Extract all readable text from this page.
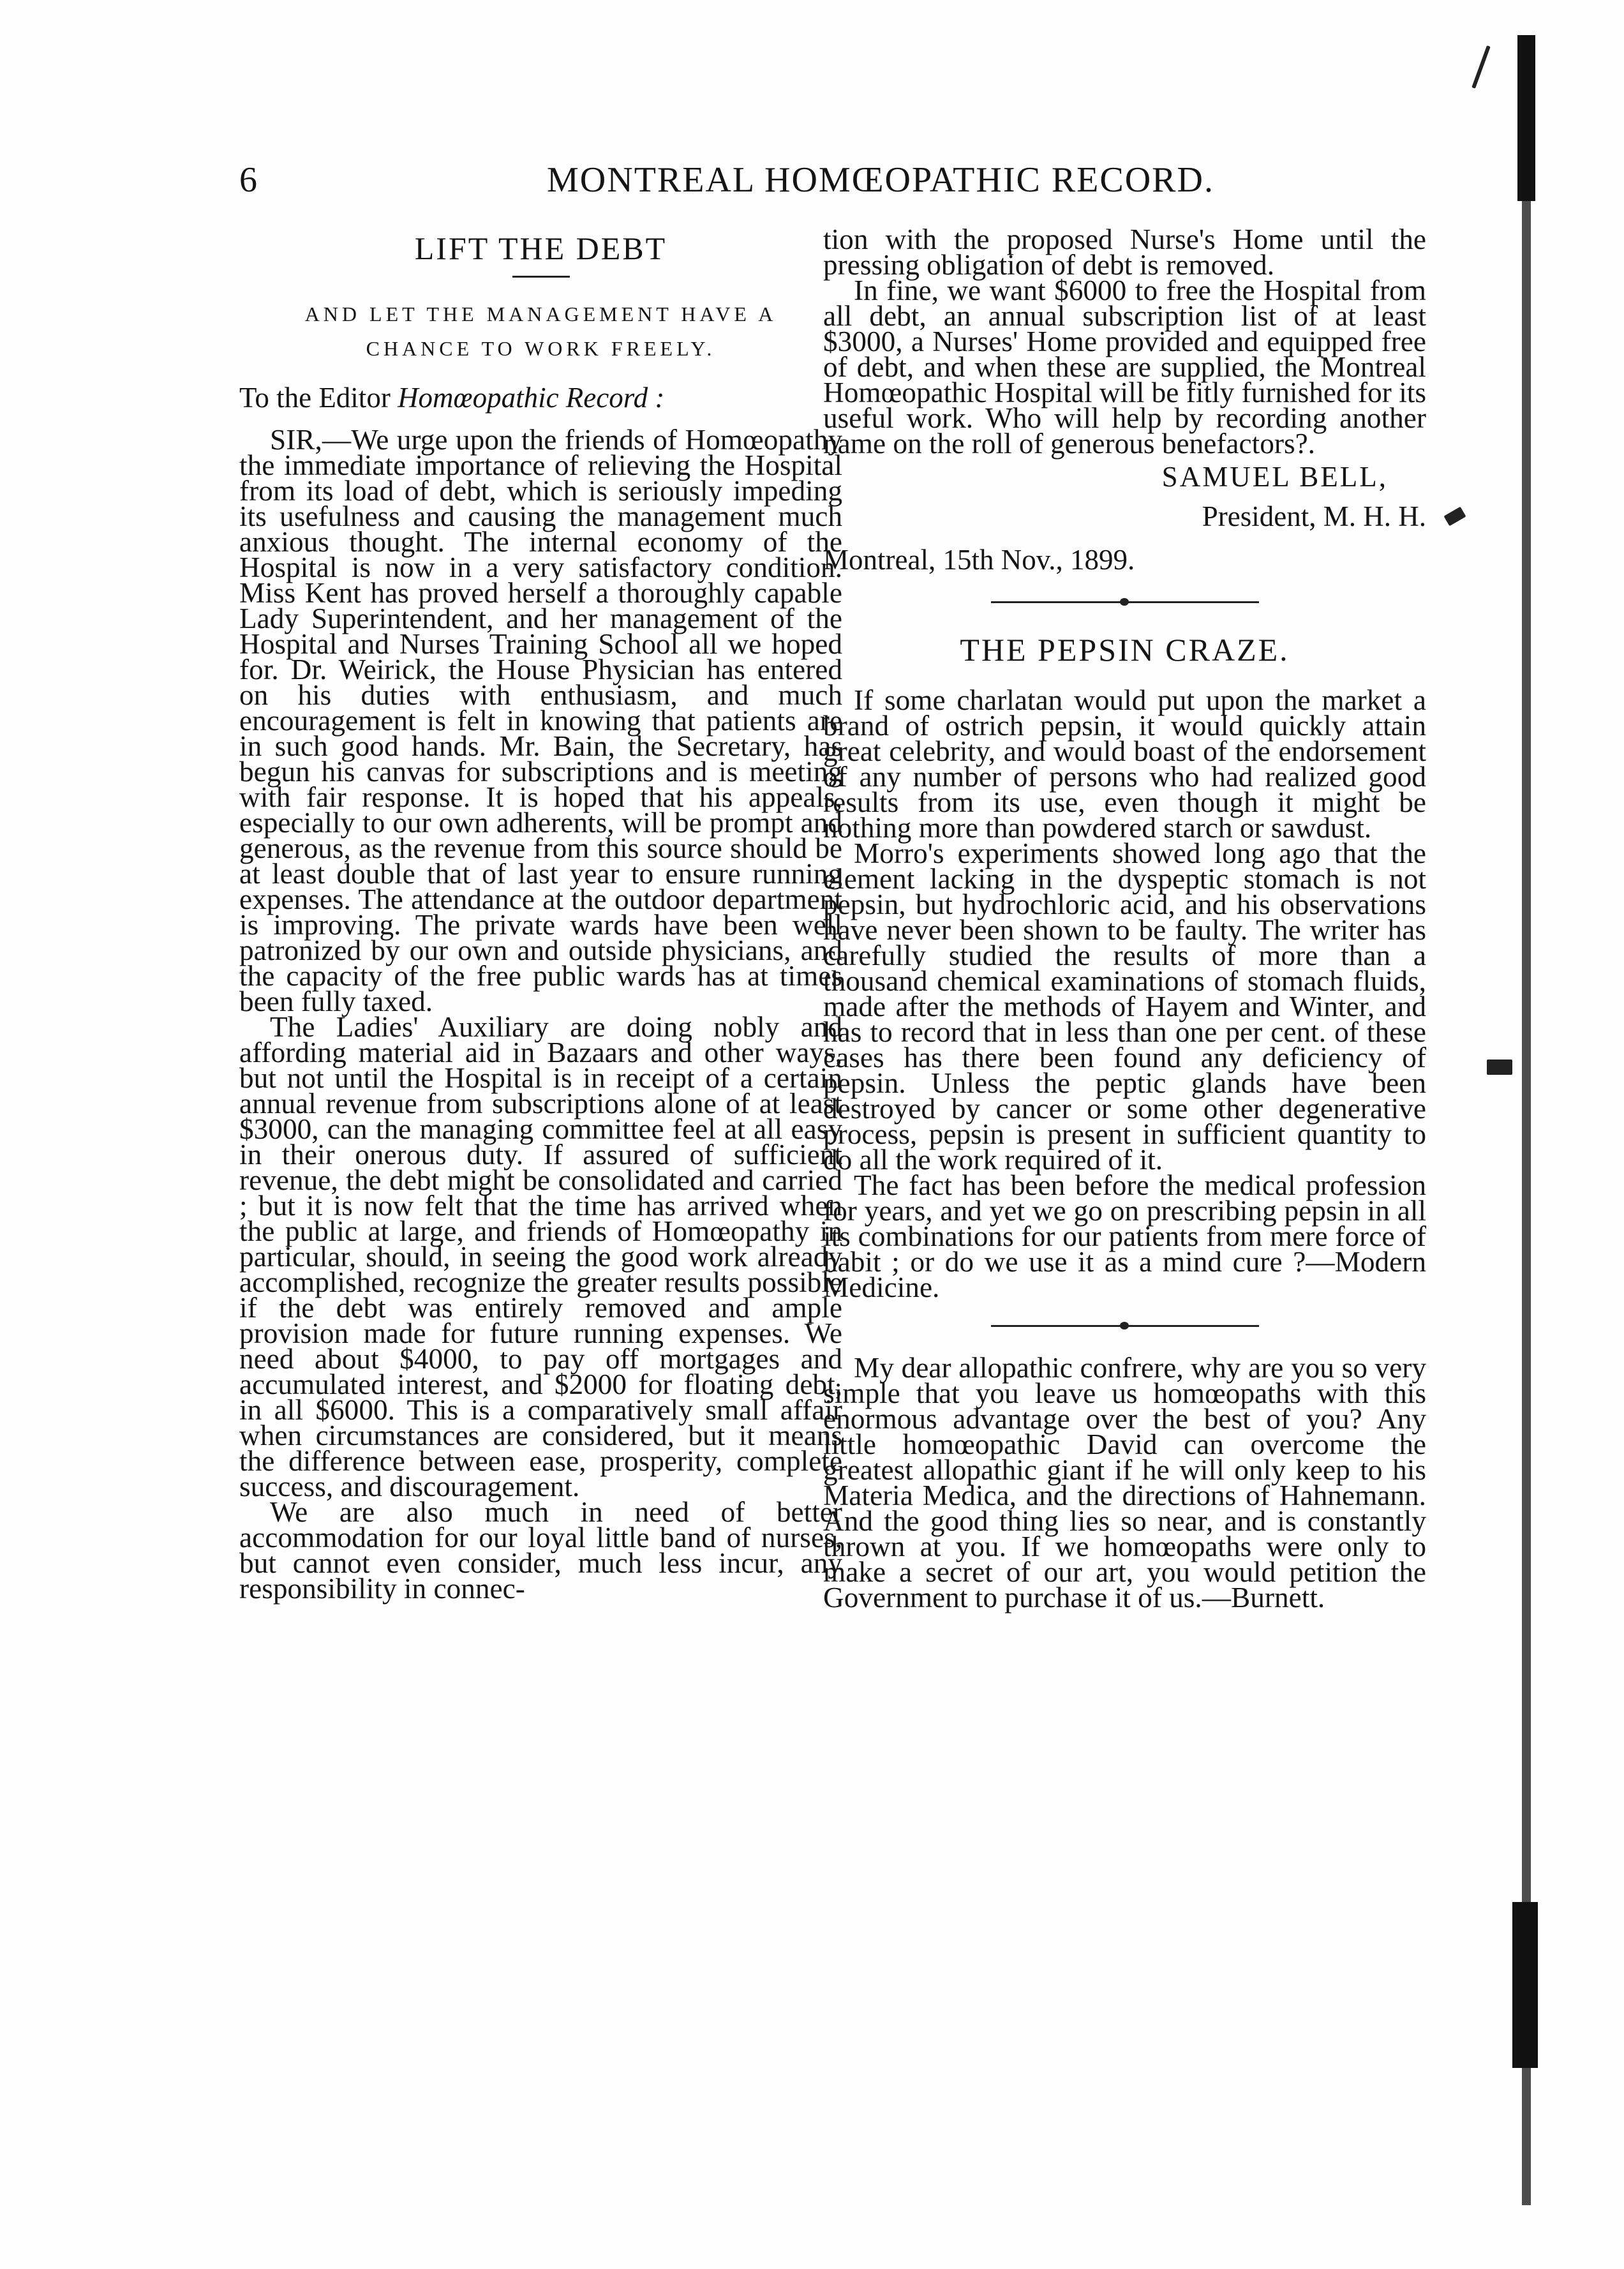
6	MONTREAL HOMŒOPATHIC RECORD.
LIFT THE DEBT
AND LET THE MANAGEMENT HAVE A CHANCE TO WORK FREELY.
To the Editor Homœopathic Record :

SIR,—We urge upon the friends of Homœopathy the immediate importance of relieving the Hospital from its load of debt, which is seriously impeding its usefulness and causing the management much anxious thought. The internal economy of the Hospital is now in a very satisfactory condition. Miss Kent has proved herself a thoroughly capable Lady Superintendent, and her management of the Hospital and Nurses Training School all we hoped for. Dr. Weirick, the House Physician has entered on his duties with enthusiasm, and much encouragement is felt in knowing that patients are in such good hands. Mr. Bain, the Secretary, has begun his canvas for subscriptions and is meeting with fair response. It is hoped that his appeals, especially to our own adherents, will be prompt and generous, as the revenue from this source should be at least double that of last year to ensure running expenses. The attendance at the outdoor department is improving. The private wards have been well patronized by our own and outside physicians, and the capacity of the free public wards has at times been fully taxed.

The Ladies' Auxiliary are doing nobly and affording material aid in Bazaars and other ways, but not until the Hospital is in receipt of a certain annual revenue from subscriptions alone of at least $3000, can the managing committee feel at all easy in their onerous duty. If assured of sufficient revenue, the debt might be consolidated and carried ; but it is now felt that the time has arrived when the public at large, and friends of Homœopathy in particular, should, in seeing the good work already accomplished, recognize the greater results possible if the debt was entirely removed and ample provision made for future running expenses. We need about $4000, to pay off mortgages and accumulated interest, and $2000 for floating debt, in all $6000. This is a comparatively small affair when circumstances are considered, but it means the difference between ease, prosperity, complete success, and discouragement.

We are also much in need of better accommodation for our loyal little band of nurses, but cannot even consider, much less incur, any responsibility in connec-

tion with the proposed Nurse's Home until the pressing obligation of debt is removed.

In fine, we want $6000 to free the Hospital from all debt, an annual subscription list of at least $3000, a Nurses' Home provided and equipped free of debt, and when these are supplied, the Montreal Homœopathic Hospital will be fitly furnished for its useful work. Who will help by recording another name on the roll of generous benefactors?.

SAMUEL BELL,
President, M. H. H.
Montreal, 15th Nov., 1899.
THE PEPSIN CRAZE.

If some charlatan would put upon the market a brand of ostrich pepsin, it would quickly attain great celebrity, and would boast of the endorsement of any number of persons who had realized good results from its use, even though it might be nothing more than powdered starch or sawdust.

Morro's experiments showed long ago that the element lacking in the dyspeptic stomach is not pepsin, but hydrochloric acid, and his observations have never been shown to be faulty. The writer has carefully studied the results of more than a thousand chemical examinations of stomach fluids, made after the methods of Hayem and Winter, and has to record that in less than one per cent. of these cases has there been found any deficiency of pepsin. Unless the peptic glands have been destroyed by cancer or some other degenerative process, pepsin is present in sufficient quantity to do all the work required of it.

The fact has been before the medical profession for years, and yet we go on prescribing pepsin in all its combinations for our patients from mere force of habit ; or do we use it as a mind cure ?—Modern Medicine.

My dear allopathic confrere, why are you so very simple that you leave us homœopaths with this enormous advantage over the best of you? Any little homœopathic David can overcome the greatest allopathic giant if he will only keep to his Materia Medica, and the directions of Hahnemann. And the good thing lies so near, and is constantly thrown at you. If we homœopaths were only to make a secret of our art, you would petition the Government to purchase it of us.—Burnett.
